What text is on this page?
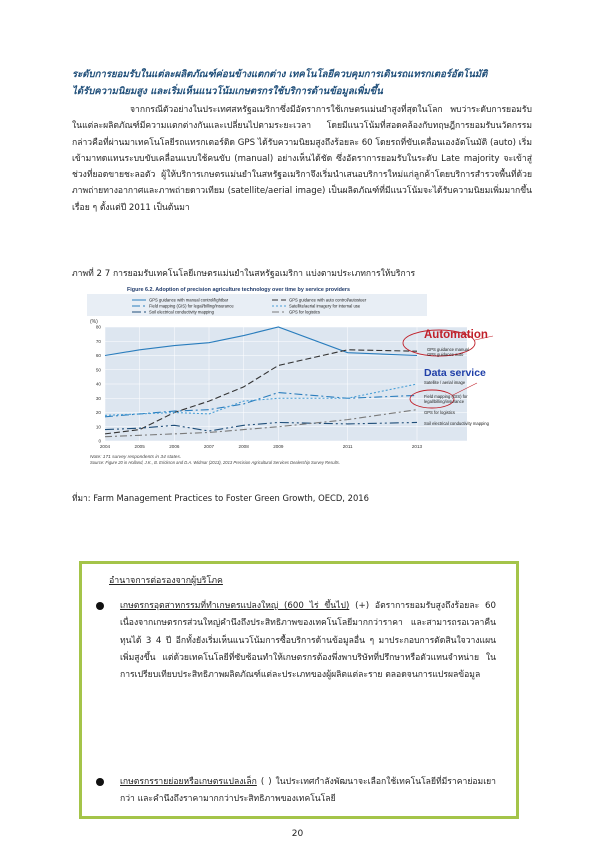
ระดับการยอมรับในแต่ละผลิตภัณฑ์ค่อนข้างแตกต่าง เทคโนโลยีควบคุมการเดินรถแทรกเตอร์อัตโนมัติ
ได้รับความนิยมสูง และเริ่มเห็นแนวโน้มเกษตรกรใช้บริการด้านข้อมูลเพิ่มขึ้น
จากกรณีตัวอย่างในประเทศสหรัฐอเมริกาซึ่งมีอัตราการใช้เกษตรแม่นยำสูงที่สุดในโลก พบว่าระดับการยอมรับในแต่ละผลิตภัณฑ์มีความแตกต่างกันและเปลี่ยนไปตามระยะเวลา โดยมีแนวโน้มที่สอดคล้องกับทฤษฎีการยอมรับนวัตกรรม กล่าวคือที่ผ่านมาเทคโนโลยีรถแทรกเตอร์ติด GPS ได้รับความนิยมสูงถึงร้อยละ 60 โดยรถที่ขับเคลื่อนเองอัตโนมัติ (auto) เริ่มเข้ามาทดแทนระบบขับเคลื่อนแบบใช้คนขับ (manual) อย่างเห็นได้ชัด ซึ่งอัตราการยอมรับในระดับ Late majority จะเข้าสู่ช่วงที่ยอดขายชะลอตัว ผู้ให้บริการเกษตรแม่นยำในสหรัฐอเมริกาจึงเริ่มนำเสนอบริการใหม่แก่ลูกค้าโดยบริการสำรวจพื้นที่ด้วยภาพถ่ายทางอากาศและภาพถ่ายดาวเทียม (satellite/aerial image) เป็นผลิตภัณฑ์ที่มีแนวโน้มจะได้รับความนิยมเพิ่มมากขึ้นเรื่อย ๆ ตั้งแต่ปี 2011 เป็นต้นมา
ภาพที่ 2 7 การยอมรับเทคโนโลยีเกษตรแม่นยำในสหรัฐอเมริกา แบ่งตามประเภทการให้บริการ
Figure 6.2. Adoption of precision agriculture technology over time by service providers
GPS guidance with manual control/lightbar	GPS guidance with auto control/autosteer
Field mapping (GIS) for legal/billing/insurance	Satellite/aerial imagery for internal use
Soil electrical conductivity mapping	GPS for logistics
(%)
0
10
20
30
40
50
60
70
80
2004	2005	2006	2007	2008	2009	2011	2013
Automation
GPS guidance manual
GPS guidance auto
Data service
Satellite / aerial image
Field mapping (GIS) for
legal/billing/insurance
GPS for logistics
Soil electrical conductivity mapping
Note: 171 survey respondents in 34 states.
Source: Figure 20 in Holland, J.K., B. Erickson and D.A. Widmar (2013), 2013 Precision Agricultural Services Dealership Survey Results.
ที่มา: Farm Management Practices to Foster Green Growth, OECD, 2016
อำนาจการต่อรองจากผู้บริโภค
เกษตรกรอุตสาหกรรมที่ทำเกษตรแปลงใหญ่ (600 ไร่ ขึ้นไป) (+) อัตราการยอมรับสูงถึงร้อยละ 60 เนื่องจากเกษตรกรส่วนใหญ่คำนึงถึงประสิทธิภาพของเทคโนโลยีมากกว่าราคา และสามารถรอเวลาคืนทุนได้ 3 4 ปี อีกทั้งยังเริ่มเห็นแนวโน้มการซื้อบริการด้านข้อมูลอื่น ๆ มาประกอบการตัดสินใจวางแผนเพิ่มสูงขึ้น แต่ด้วยเทคโนโลยีที่ซับซ้อนทำให้เกษตรกรต้องพึ่งพาบริษัทที่ปรึกษาหรือตัวแทนจำหน่าย ในการเปรียบเทียบประสิทธิภาพผลิตภัณฑ์แต่ละประเภทของผู้ผลิตแต่ละราย ตลอดจนการแปรผลข้อมูล
เกษตรกรรายย่อยหรือเกษตรแปลงเล็ก ( ) ในประเทศกำลังพัฒนาจะเลือกใช้เทคโนโลยีที่มีราคาย่อมเยากว่า และคำนึงถึงราคามากกว่าประสิทธิภาพของเทคโนโลยี
20
